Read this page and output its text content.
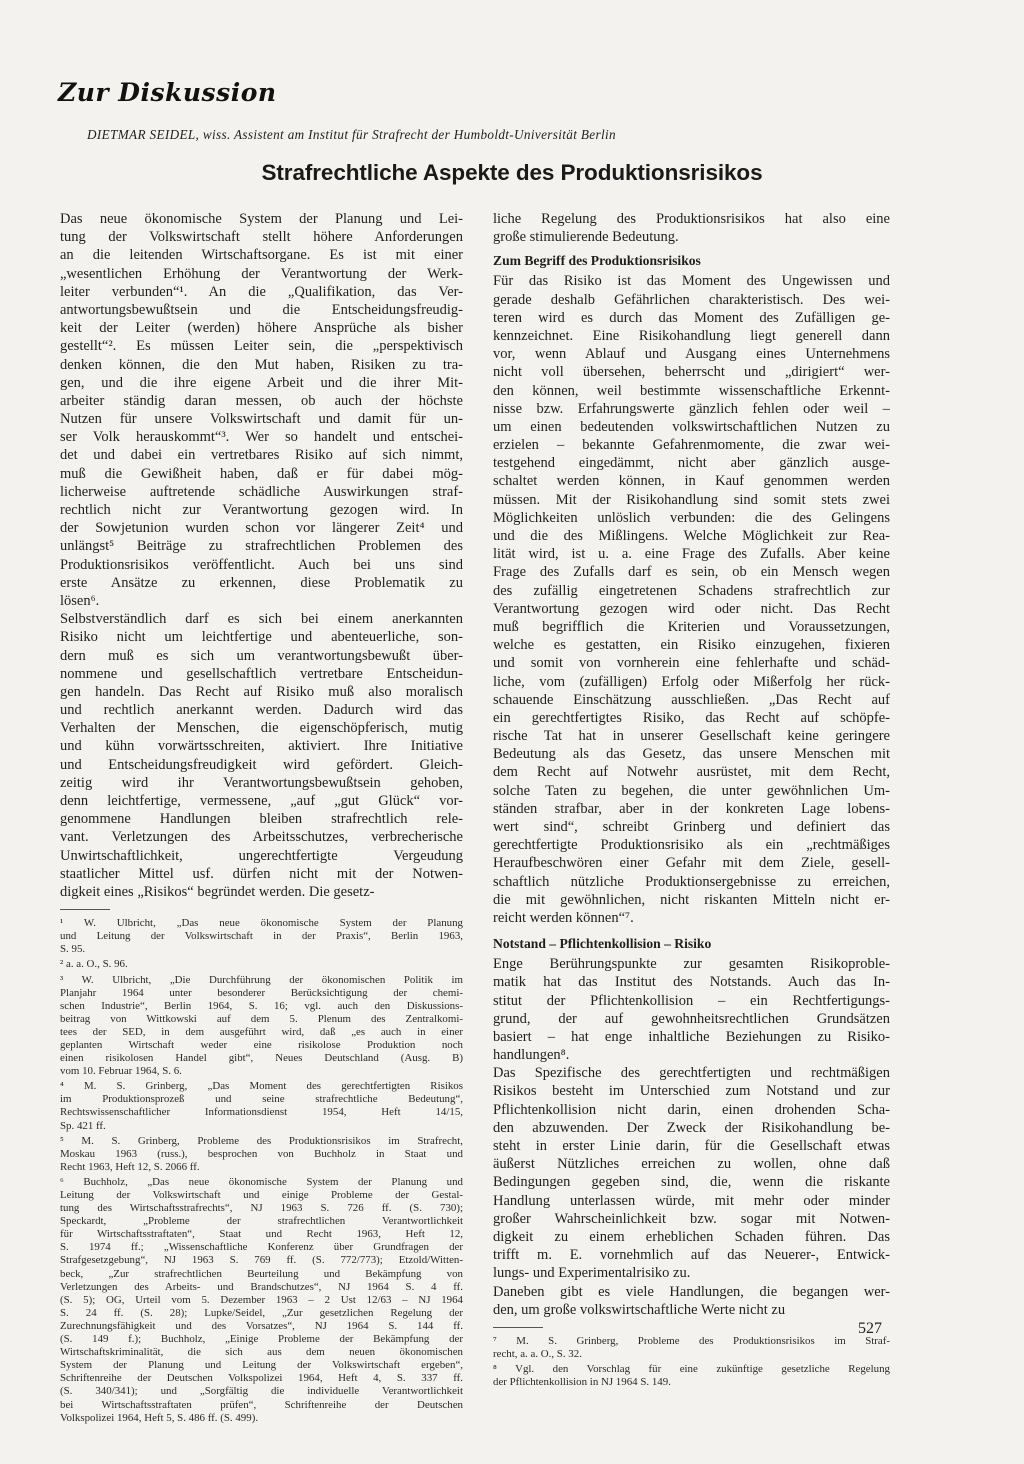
Zur Diskussion
DIETMAR SEIDEL, wiss. Assistent am Institut für Strafrecht der Humboldt-Universität Berlin
Strafrechtliche Aspekte des Produktionsrisikos
Das neue ökonomische System der Planung und Lei-
tung der Volkswirtschaft stellt höhere Anforderungen
an die leitenden Wirtschaftsorgane. Es ist mit einer
„wesentlichen Erhöhung der Verantwortung der Werk-
leiter verbunden“¹. An die „Qualifikation, das Ver-
antwortungsbewußtsein und die Entscheidungsfreudig-
keit der Leiter (werden) höhere Ansprüche als bisher
gestellt“². Es müssen Leiter sein, die „perspektivisch
denken können, die den Mut haben, Risiken zu tra-
gen, und die ihre eigene Arbeit und die ihrer Mit-
arbeiter ständig daran messen, ob auch der höchste
Nutzen für unsere Volkswirtschaft und damit für un-
ser Volk herauskommt“³. Wer so handelt und entschei-
det und dabei ein vertretbares Risiko auf sich nimmt,
muß die Gewißheit haben, daß er für dabei mög-
licherweise auftretende schädliche Auswirkungen straf-
rechtlich nicht zur Verantwortung gezogen wird. In
der Sowjetunion wurden schon vor längerer Zeit⁴ und
unlängst⁵ Beiträge zu strafrechtlichen Problemen des
Produktionsrisikos veröffentlicht. Auch bei uns sind
erste Ansätze zu erkennen, diese Problematik zu
lösen⁶.
Selbstverständlich darf es sich bei einem anerkannten
Risiko nicht um leichtfertige und abenteuerliche, son-
dern muß es sich um verantwortungsbewußt über-
nommene und gesellschaftlich vertretbare Entscheidun-
gen handeln. Das Recht auf Risiko muß also moralisch
und rechtlich anerkannt werden. Dadurch wird das
Verhalten der Menschen, die eigenschöpferisch, mutig
und kühn vorwärtsschreiten, aktiviert. Ihre Initiative
und Entscheidungsfreudigkeit wird gefördert. Gleich-
zeitig wird ihr Verantwortungsbewußtsein gehoben,
denn leichtfertige, vermessene, „auf „gut Glück“ vor-
genommene Handlungen bleiben strafrechtlich rele-
vant. Verletzungen des Arbeitsschutzes, verbrecherische
Unwirtschaftlichkeit, ungerechtfertigte Vergeudung
staatlicher Mittel usf. dürfen nicht mit der Notwen-
digkeit eines „Risikos“ begründet werden. Die gesetz-
¹ W. Ulbricht, „Das neue ökonomische System der Planung
und Leitung der Volkswirtschaft in der Praxis“, Berlin 1963,
S. 95.
² a. a. O., S. 96.
³ W. Ulbricht, „Die Durchführung der ökonomischen Politik im
Planjahr 1964 unter besonderer Berücksichtigung der chemi-
schen Industrie“, Berlin 1964, S. 16; vgl. auch den Diskussions-
beitrag von Wittkowski auf dem 5. Plenum des Zentralkomi-
tees der SED, in dem ausgeführt wird, daß „es auch in einer
geplanten Wirtschaft weder eine risikolose Produktion noch
einen risikolosen Handel gibt“, Neues Deutschland (Ausg. B)
vom 10. Februar 1964, S. 6.
⁴ M. S. Grinberg, „Das Moment des gerechtfertigten Risikos
im Produktionsprozeß und seine strafrechtliche Bedeutung“,
Rechtswissenschaftlicher Informationsdienst 1954, Heft 14/15,
Sp. 421 ff.
⁵ M. S. Grinberg, Probleme des Produktionsrisikos im Strafrecht,
Moskau 1963 (russ.), besprochen von Buchholz in Staat und
Recht 1963, Heft 12, S. 2066 ff.
⁶ Buchholz, „Das neue ökonomische System der Planung und
Leitung der Volkswirtschaft und einige Probleme der Gestal-
tung des Wirtschaftsstrafrechts“, NJ 1963 S. 726 ff. (S. 730);
Speckardt, „Probleme der strafrechtlichen Verantwortlichkeit
für Wirtschaftsstraftaten“, Staat und Recht 1963, Heft 12,
S. 1974 ff.; „Wissenschaftliche Konferenz über Grundfragen der
Strafgesetzgebung“, NJ 1963 S. 769 ff. (S. 772/773); Etzold/Witten-
beck, „Zur strafrechtlichen Beurteilung und Bekämpfung von
Verletzungen des Arbeits- und Brandschutzes“, NJ 1964 S. 4 ff.
(S. 5); OG, Urteil vom 5. Dezember 1963 – 2 Ust 12/63 – NJ 1964
S. 24 ff. (S. 28); Lupke/Seidel, „Zur gesetzlichen Regelung der
Zurechnungsfähigkeit und des Vorsatzes“, NJ 1964 S. 144 ff.
(S. 149 f.); Buchholz, „Einige Probleme der Bekämpfung der
Wirtschaftskriminalität, die sich aus dem neuen ökonomischen
System der Planung und Leitung der Volkswirtschaft ergeben“,
Schriftenreihe der Deutschen Volkspolizei 1964, Heft 4, S. 337 ff.
(S. 340/341); und „Sorgfältig die individuelle Verantwortlichkeit
bei Wirtschaftsstraftaten prüfen“, Schriftenreihe der Deutschen
Volkspolizei 1964, Heft 5, S. 486 ff. (S. 499).
liche Regelung des Produktionsrisikos hat also eine
große stimulierende Bedeutung.
Zum Begriff des Produktionsrisikos
Für das Risiko ist das Moment des Ungewissen und
gerade deshalb Gefährlichen charakteristisch. Des wei-
teren wird es durch das Moment des Zufälligen ge-
kennzeichnet. Eine Risikohandlung liegt generell dann
vor, wenn Ablauf und Ausgang eines Unternehmens
nicht voll übersehen, beherrscht und „dirigiert“ wer-
den können, weil bestimmte wissenschaftliche Erkennt-
nisse bzw. Erfahrungswerte gänzlich fehlen oder weil –
um einen bedeutenden volkswirtschaftlichen Nutzen zu
erzielen – bekannte Gefahrenmomente, die zwar wei-
testgehend eingedämmt, nicht aber gänzlich ausge-
schaltet werden können, in Kauf genommen werden
müssen. Mit der Risikohandlung sind somit stets zwei
Möglichkeiten unlöslich verbunden: die des Gelingens
und die des Mißlingens. Welche Möglichkeit zur Rea-
lität wird, ist u. a. eine Frage des Zufalls. Aber keine
Frage des Zufalls darf es sein, ob ein Mensch wegen
des zufällig eingetretenen Schadens strafrechtlich zur
Verantwortung gezogen wird oder nicht. Das Recht
muß begrifflich die Kriterien und Voraussetzungen,
welche es gestatten, ein Risiko einzugehen, fixieren
und somit von vornherein eine fehlerhafte und schäd-
liche, vom (zufälligen) Erfolg oder Mißerfolg her rück-
schauende Einschätzung ausschließen. „Das Recht auf
ein gerechtfertigtes Risiko, das Recht auf schöpfe-
rische Tat hat in unserer Gesellschaft keine geringere
Bedeutung als das Gesetz, das unsere Menschen mit
dem Recht auf Notwehr ausrüstet, mit dem Recht,
solche Taten zu begehen, die unter gewöhnlichen Um-
ständen strafbar, aber in der konkreten Lage lobens-
wert sind“, schreibt Grinberg und definiert das
gerechtfertigte Produktionsrisiko als ein „rechtmäßiges
Heraufbeschwören einer Gefahr mit dem Ziele, gesell-
schaftlich nützliche Produktionsergebnisse zu erreichen,
die mit gewöhnlichen, nicht riskanten Mitteln nicht er-
reicht werden können“⁷.
Notstand – Pflichtenkollision – Risiko
Enge Berührungspunkte zur gesamten Risikoproble-
matik hat das Institut des Notstands. Auch das In-
stitut der Pflichtenkollision – ein Rechtfertigungs-
grund, der auf gewohnheitsrechtlichen Grundsätzen
basiert – hat enge inhaltliche Beziehungen zu Risiko-
handlungen⁸.
Das Spezifische des gerechtfertigten und rechtmäßigen
Risikos besteht im Unterschied zum Notstand und zur
Pflichtenkollision nicht darin, einen drohenden Scha-
den abzuwenden. Der Zweck der Risikohandlung be-
steht in erster Linie darin, für die Gesellschaft etwas
äußerst Nützliches erreichen zu wollen, ohne daß
Bedingungen gegeben sind, die, wenn die riskante
Handlung unterlassen würde, mit mehr oder minder
großer Wahrscheinlichkeit bzw. sogar mit Notwen-
digkeit zu einem erheblichen Schaden führen. Das
trifft m. E. vornehmlich auf das Neuerer-, Entwick-
lungs- und Experimentalrisiko zu.
Daneben gibt es viele Handlungen, die begangen wer-
den, um große volkswirtschaftliche Werte nicht zu
⁷ M. S. Grinberg, Probleme des Produktionsrisikos im Straf-
recht, a. a. O., S. 32.
⁸ Vgl. den Vorschlag für eine zukünftige gesetzliche Regelung
der Pflichtenkollision in NJ 1964 S. 149.
527
